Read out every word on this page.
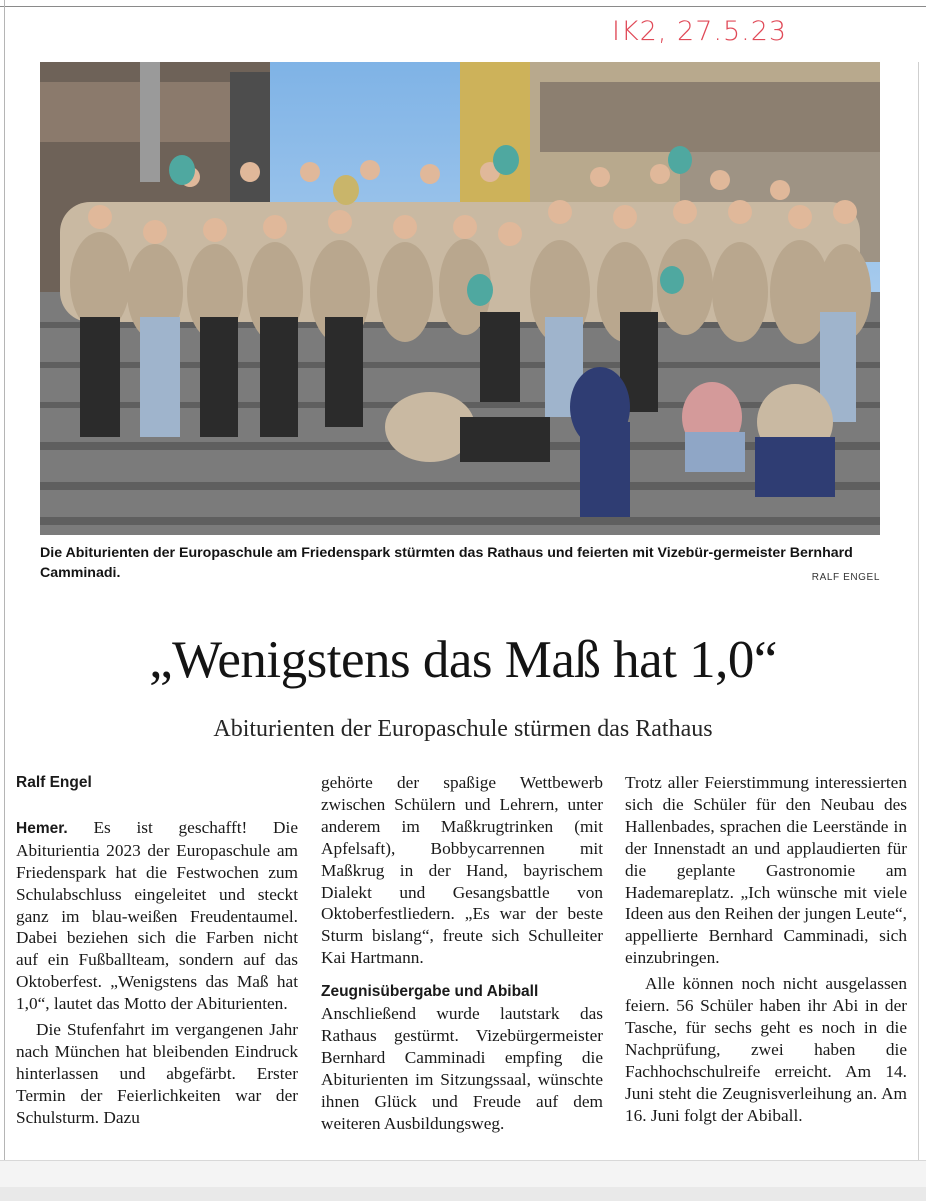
IK2, 27.5.23
Die Abiturienten der Europaschule am Friedenspark stürmten das Rathaus und feierten mit Vizebür-germeister Bernhard Camminadi.	RALF ENGEL
„Wenigstens das Maß hat 1,0“
Abiturienten der Europaschule stürmen das Rathaus

Ralf Engel

Hemer. Es ist geschafft! Die Abiturientia 2023 der Europaschule am Friedenspark hat die Festwochen zum Schulabschluss eingeleitet und steckt ganz im blau-weißen Freudentaumel. Dabei beziehen sich die Farben nicht auf ein Fußballteam, sondern auf das Oktoberfest. „Wenigstens das Maß hat 1,0“, lautet das Motto der Abiturienten.

Die Stufenfahrt im vergangenen Jahr nach München hat bleibenden Eindruck hinterlassen und abgefärbt. Erster Termin der Feierlichkeiten war der Schulsturm. Dazu

gehörte der spaßige Wettbewerb zwischen Schülern und Lehrern, unter anderem im Maßkrugtrinken (mit Apfelsaft), Bobbycarrennen mit Maßkrug in der Hand, bayrischem Dialekt und Gesangsbattle von Oktoberfestliedern. „Es war der beste Sturm bislang“, freute sich Schulleiter Kai Hartmann.

Zeugnisübergabe und Abiball

Anschließend wurde lautstark das Rathaus gestürmt. Vizebürgermeister Bernhard Camminadi empfing die Abiturienten im Sitzungssaal, wünschte ihnen Glück und Freude auf dem weiteren Ausbildungsweg.

Trotz aller Feierstimmung interessierten sich die Schüler für den Neubau des Hallenbades, sprachen die Leerstände in der Innenstadt an und applaudierten für die geplante Gastronomie am Hademareplatz. „Ich wünsche mit viele Ideen aus den Reihen der jungen Leute“, appellierte Bernhard Camminadi, sich einzubringen.

Alle können noch nicht ausgelassen feiern. 56 Schüler haben ihr Abi in der Tasche, für sechs geht es noch in die Nachprüfung, zwei haben die Fachhochschulreife erreicht. Am 14. Juni steht die Zeugnisverleihung an. Am 16. Juni folgt der Abiball.
